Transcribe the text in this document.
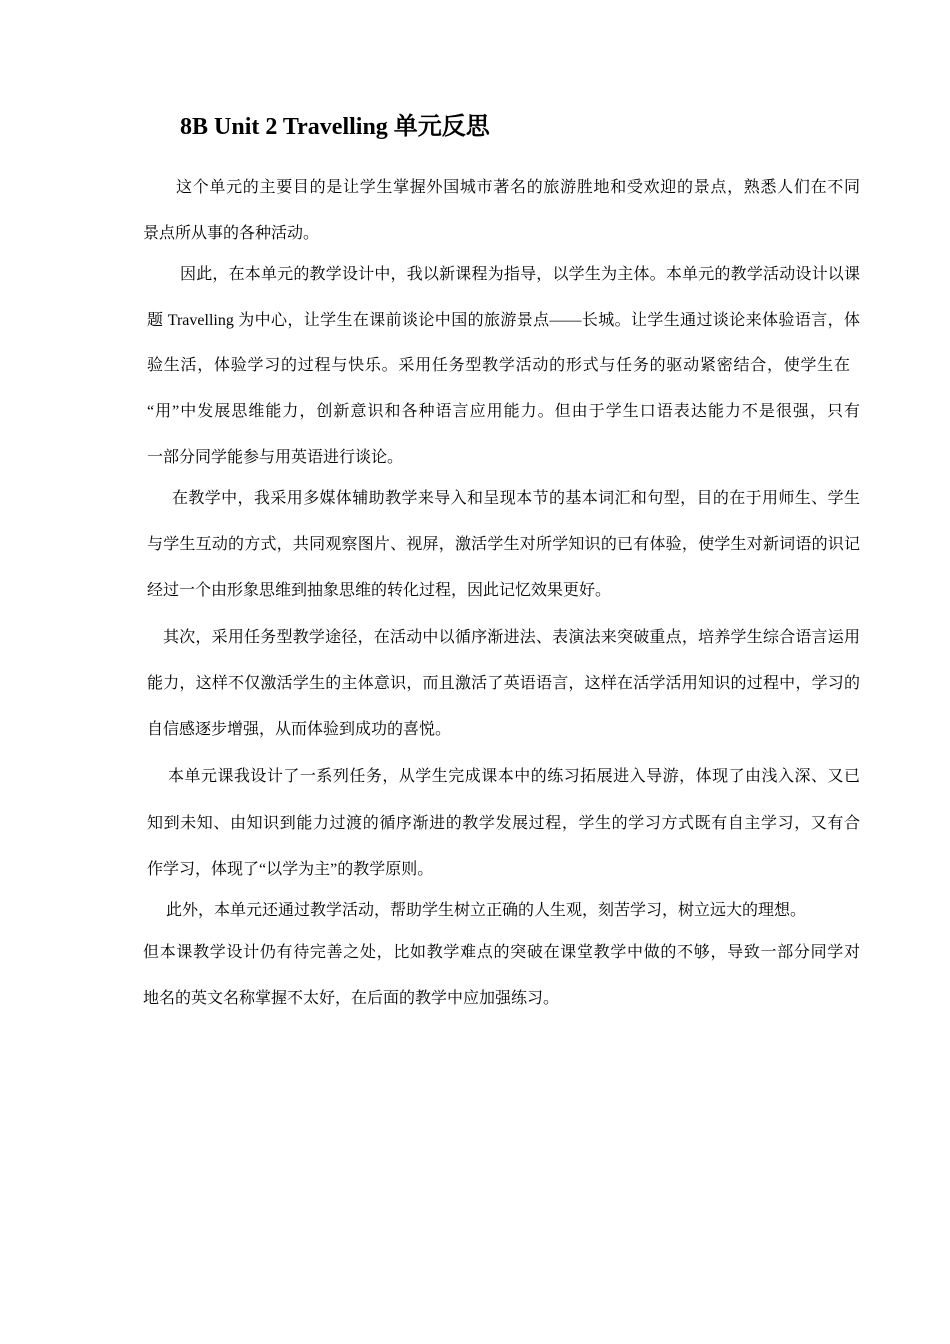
8B Unit 2 Travelling 单元反思
这个单元的主要目的是让学生掌握外国城市著名的旅游胜地和受欢迎的景点，熟悉人们在不同
景点所从事的各种活动。
因此，在本单元的教学设计中，我以新课程为指导，以学生为主体。本单元的教学活动设计以课
题 Travelling 为中心，让学生在课前谈论中国的旅游景点——长城。让学生通过谈论来体验语言，体
验生活，体验学习的过程与快乐。采用任务型教学活动的形式与任务的驱动紧密结合，使学生在
“用”中发展思维能力，创新意识和各种语言应用能力。但由于学生口语表达能力不是很强，只有
一部分同学能参与用英语进行谈论。
在教学中，我采用多媒体辅助教学来导入和呈现本节的基本词汇和句型，目的在于用师生、学生
与学生互动的方式，共同观察图片、视屏，激活学生对所学知识的已有体验，使学生对新词语的识记
经过一个由形象思维到抽象思维的转化过程，因此记忆效果更好。
其次，采用任务型教学途径，在活动中以循序渐进法、表演法来突破重点，培养学生综合语言运用
能力，这样不仅激活学生的主体意识，而且激活了英语语言，这样在活学活用知识的过程中，学习的
自信感逐步增强，从而体验到成功的喜悦。
本单元课我设计了一系列任务，从学生完成课本中的练习拓展进入导游，体现了由浅入深、又已
知到未知、由知识到能力过渡的循序渐进的教学发展过程，学生的学习方式既有自主学习，又有合
作学习，体现了“以学为主”的教学原则。
此外，本单元还通过教学活动，帮助学生树立正确的人生观，刻苦学习，树立远大的理想。
但本课教学设计仍有待完善之处，比如教学难点的突破在课堂教学中做的不够，导致一部分同学对
地名的英文名称掌握不太好，在后面的教学中应加强练习。
